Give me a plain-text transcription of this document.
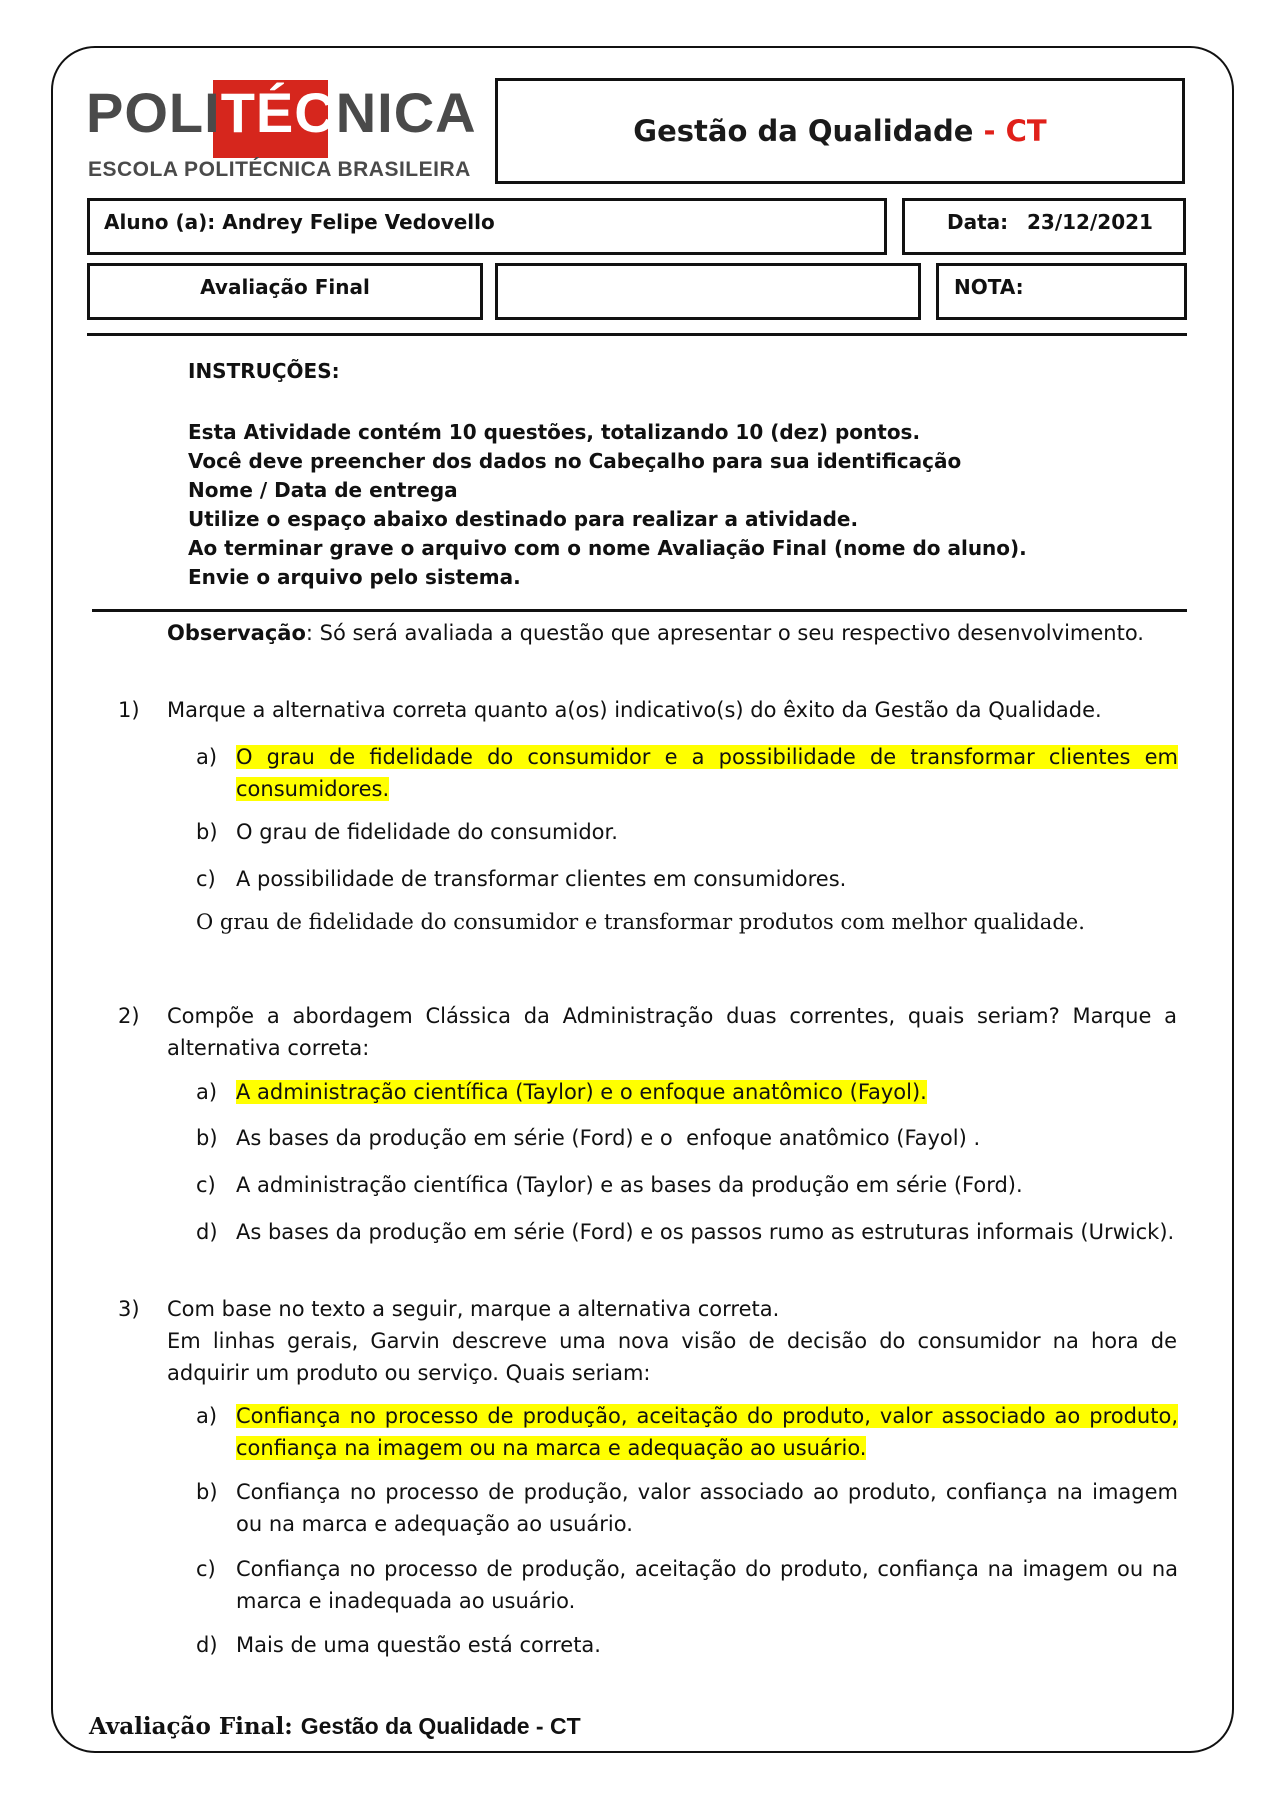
POLITÉCNICA
ESCOLA POLITÉCNICA BRASILEIRA
Gestão da Qualidade
- CT
Aluno (a): Andrey Felipe Vedovello	Data: 23/12/2021
Avaliação Final	NOTA:
INSTRUÇÕES:
Esta Atividade contém 10 questões, totalizando 10 (dez) pontos.
Você deve preencher dos dados no Cabeçalho para sua identificação
Nome / Data de entrega
Utilize o espaço abaixo destinado para realizar a atividade.
Ao terminar grave o arquivo com o nome Avaliação Final (nome do aluno).
Envie o arquivo pelo sistema.
Observação: Só será avaliada a questão que apresentar o seu respectivo desenvolvimento.
1)	Marque a alternativa correta quanto a(os) indicativo(s) do êxito da Gestão da Qualidade.
a) O grau de fidelidade do consumidor e a possibilidade de transformar clientes em consumidores.
b) O grau de fidelidade do consumidor.
c) A possibilidade de transformar clientes em consumidores.
O grau de fidelidade do consumidor e transformar produtos com melhor qualidade.
2)	Compõe a abordagem Clássica da Administração duas correntes, quais seriam? Marque a alternativa correta:
a) A administração científica (Taylor) e o enfoque anatômico (Fayol).
b) As bases da produção em série (Ford) e o  enfoque anatômico (Fayol) .
c) A administração científica (Taylor) e as bases da produção em série (Ford).
d) As bases da produção em série (Ford) e os passos rumo as estruturas informais (Urwick).
3)	Com base no texto a seguir, marque a alternativa correta.
Em linhas gerais, Garvin descreve uma nova visão de decisão do consumidor na hora de adquirir um produto ou serviço. Quais seriam:
a) Confiança no processo de produção, aceitação do produto, valor associado ao produto, confiança na imagem ou na marca e adequação ao usuário.
b) Confiança no processo de produção, valor associado ao produto, confiança na imagem ou na marca e adequação ao usuário.
c) Confiança no processo de produção, aceitação do produto, confiança na imagem ou na marca e inadequada ao usuário.
d) Mais de uma questão está correta.
Avaliação Final: Gestão da Qualidade - CT
